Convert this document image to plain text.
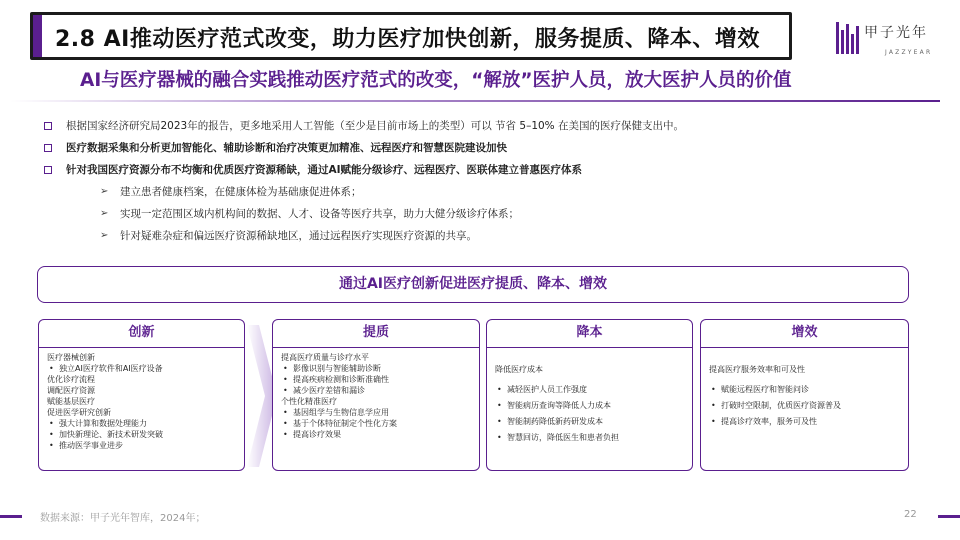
2.8 AI推动医疗范式改变，助力医疗加快创新，服务提质、降本、增效	甲子光年
JAZZYEAR
AI与医疗器械的融合实践推动医疗范式的改变，“解放”医护人员，放大医护人员的价值
根据国家经济研究局2023年的报告，更多地采用人工智能（至少是目前市场上的类型）可以 节省 5–10% 在美国的医疗保健支出中。
医疗数据采集和分析更加智能化、辅助诊断和治疗决策更加精准、远程医疗和智慧医院建设加快
针对我国医疗资源分布不均衡和优质医疗资源稀缺，通过AI赋能分级诊疗、远程医疗、医联体建立普惠医疗体系
➢ 建立患者健康档案，在健康体检为基础康促进体系；
➢ 实现一定范围区域内机构间的数据、人才、设备等医疗共享，助力大健分级诊疗体系；
➢ 针对疑难杂症和偏远医疗资源稀缺地区，通过远程医疗实现医疗资源的共享。
通过AI医疗创新促进医疗提质、降本、增效
创新
医疗器械创新
• 独立AI医疗软件和AI医疗设备
优化诊疗流程
调配医疗资源
赋能基层医疗
促进医学研究创新
• 强大计算和数据处理能力
• 加快新理论、新技术研发突破
• 推动医学事业进步
提质
提高医疗质量与诊疗水平
• 影像识别与智能辅助诊断
• 提高疾病检测和诊断准确性
• 减少医疗差错和漏诊
个性化精准医疗
• 基因组学与生物信息学应用
• 基于个体特征制定个性化方案
• 提高诊疗效果
降本
降低医疗成本
• 减轻医护人员工作强度
• 智能病历查询等降低人力成本
• 智能制药降低新药研发成本
• 智慧回访，降低医生和患者负担
增效
提高医疗服务效率和可及性
• 赋能远程医疗和智能问诊
• 打破时空限制，优质医疗资源普及
• 提高诊疗效率，服务可及性
数据来源：甲子光年智库，2024年；	22
